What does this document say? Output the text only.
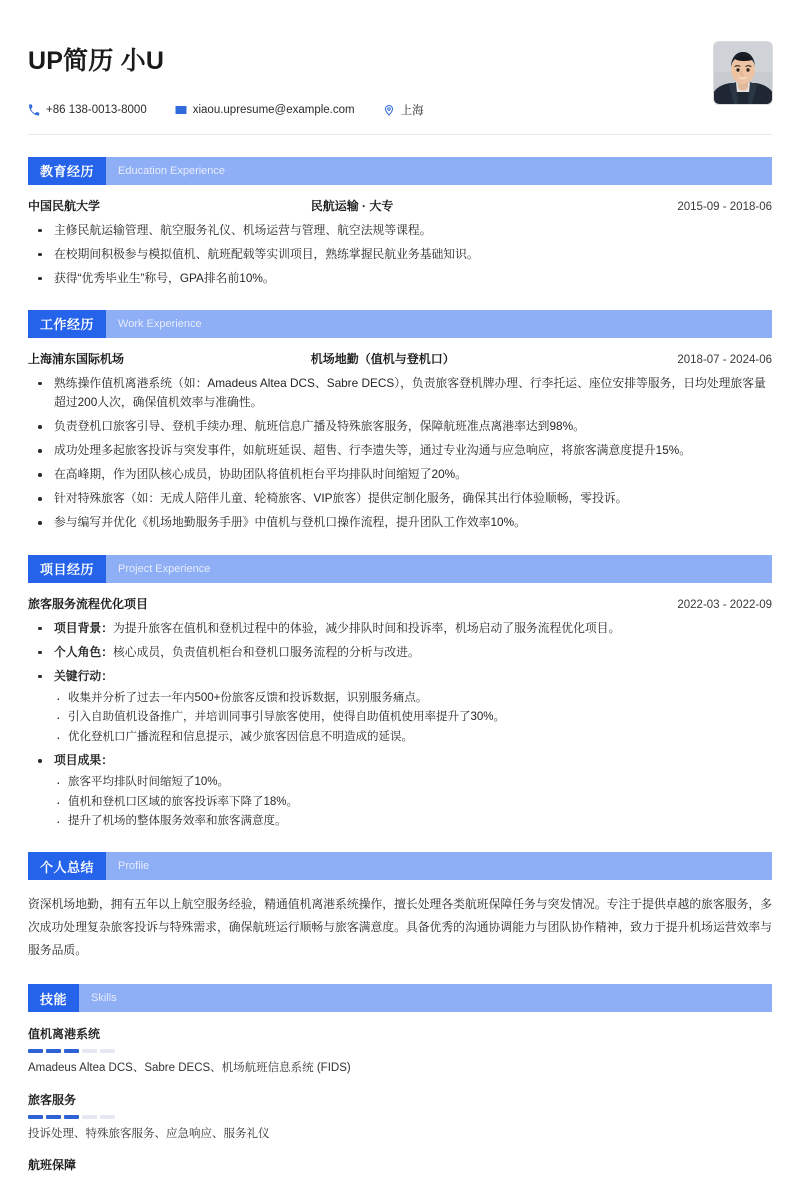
UP简历 小U
+86 138-0013-8000	xiaou.upresume@example.com	上海
教育经历	Education Experience
中国民航大学	民航运输 · 大专	2015-09 - 2018-06
主修民航运输管理、航空服务礼仪、机场运营与管理、航空法规等课程。
在校期间积极参与模拟值机、航班配载等实训项目，熟练掌握民航业务基础知识。
获得“优秀毕业生”称号，GPA排名前10%。
工作经历	Work Experience
上海浦东国际机场	机场地勤（值机与登机口）	2018-07 - 2024-06
熟练操作值机离港系统（如：Amadeus Altea DCS、Sabre DECS），负责旅客登机牌办理、行李托运、座位安排等服务，日均处理旅客量超过200人次，确保值机效率与准确性。
负责登机口旅客引导、登机手续办理、航班信息广播及特殊旅客服务，保障航班准点离港率达到98%。
成功处理多起旅客投诉与突发事件，如航班延误、超售、行李遗失等，通过专业沟通与应急响应，将旅客满意度提升15%。
在高峰期，作为团队核心成员，协助团队将值机柜台平均排队时间缩短了20%。
针对特殊旅客（如：无成人陪伴儿童、轮椅旅客、VIP旅客）提供定制化服务，确保其出行体验顺畅，零投诉。
参与编写并优化《机场地勤服务手册》中值机与登机口操作流程，提升团队工作效率10%。
项目经历	Project Experience
旅客服务流程优化项目	2022-03 - 2022-09
项目背景：为提升旅客在值机和登机过程中的体验，减少排队时间和投诉率，机场启动了服务流程优化项目。
个人角色：核心成员，负责值机柜台和登机口服务流程的分析与改进。
关键行动：
· 收集并分析了过去一年内500+份旅客反馈和投诉数据，识别服务痛点。
· 引入自助值机设备推广，并培训同事引导旅客使用，使得自助值机使用率提升了30%。
· 优化登机口广播流程和信息提示，减少旅客因信息不明造成的延误。
项目成果：
· 旅客平均排队时间缩短了10%。
· 值机和登机口区域的旅客投诉率下降了18%。
· 提升了机场的整体服务效率和旅客满意度。
个人总结	Profile
资深机场地勤，拥有五年以上航空服务经验，精通值机离港系统操作，擅长处理各类航班保障任务与突发情况。专注于提供卓越的旅客服务，多次成功处理复杂旅客投诉与特殊需求，确保航班运行顺畅与旅客满意度。具备优秀的沟通协调能力与团队协作精神，致力于提升机场运营效率与服务品质。
技能	Skills
值机离港系统
Amadeus Altea DCS、Sabre DECS、机场航班信息系统 (FIDS)
旅客服务
投诉处理、特殊旅客服务、应急响应、服务礼仪
航班保障
